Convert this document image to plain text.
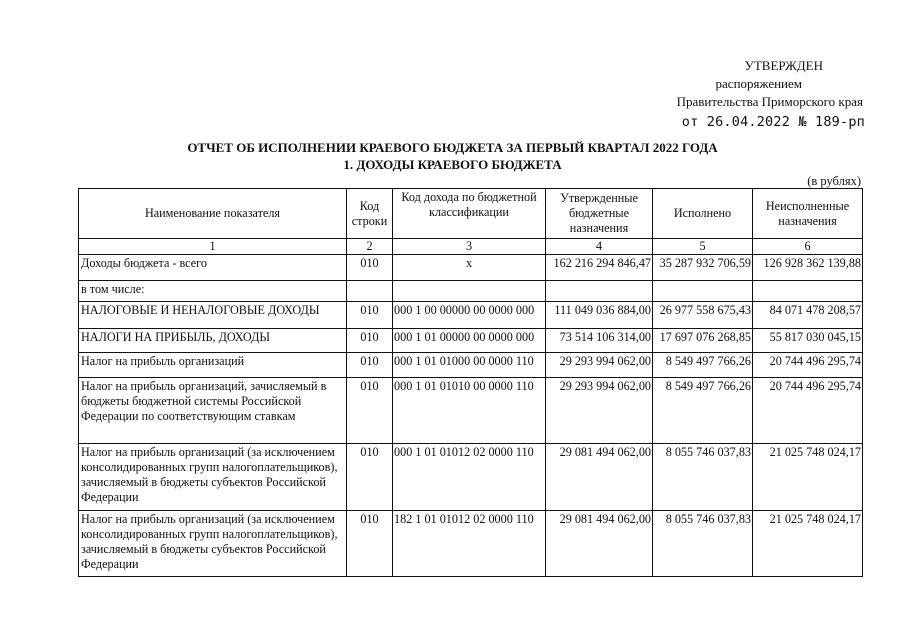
УТВЕРЖДЕН
распоряжением
Правительства Приморского края
от 26.04.2022 № 189-рп
ОТЧЕТ ОБ ИСПОЛНЕНИИ КРАЕВОГО БЮДЖЕТА ЗА ПЕРВЫЙ КВАРТАЛ 2022 ГОДА
1. ДОХОДЫ КРАЕВОГО БЮДЖЕТА
(в рублях)
Наименование показателя	Код строки	Код дохода по бюджетной классификации	Утвержденные бюджетные назначения	Исполнено	Неисполненные назначения
1	2	3	4	5	6
Доходы бюджета - всего	010	x	162 216 294 846,47	35 287 932 706,59	126 928 362 139,88
в том числе:					
НАЛОГОВЫЕ И НЕНАЛОГОВЫЕ ДОХОДЫ	010	000 1 00 00000 00 0000 000	111 049 036 884,00	26 977 558 675,43	84 071 478 208,57
НАЛОГИ НА ПРИБЫЛЬ, ДОХОДЫ	010	000 1 01 00000 00 0000 000	73 514 106 314,00	17 697 076 268,85	55 817 030 045,15
Налог на прибыль организаций	010	000 1 01 01000 00 0000 110	29 293 994 062,00	8 549 497 766,26	20 744 496 295,74
Налог на прибыль организаций, зачисляемый в бюджеты бюджетной системы Российской Федерации по соответствующим ставкам	010	000 1 01 01010 00 0000 110	29 293 994 062,00	8 549 497 766,26	20 744 496 295,74
Налог на прибыль организаций (за исключением консолидированных групп налогоплательщиков), зачисляемый в бюджеты субъектов Российской Федерации	010	000 1 01 01012 02 0000 110	29 081 494 062,00	8 055 746 037,83	21 025 748 024,17
Налог на прибыль организаций (за исключением консолидированных групп налогоплательщиков), зачисляемый в бюджеты субъектов Российской Федерации	010	182 1 01 01012 02 0000 110	29 081 494 062,00	8 055 746 037,83	21 025 748 024,17
